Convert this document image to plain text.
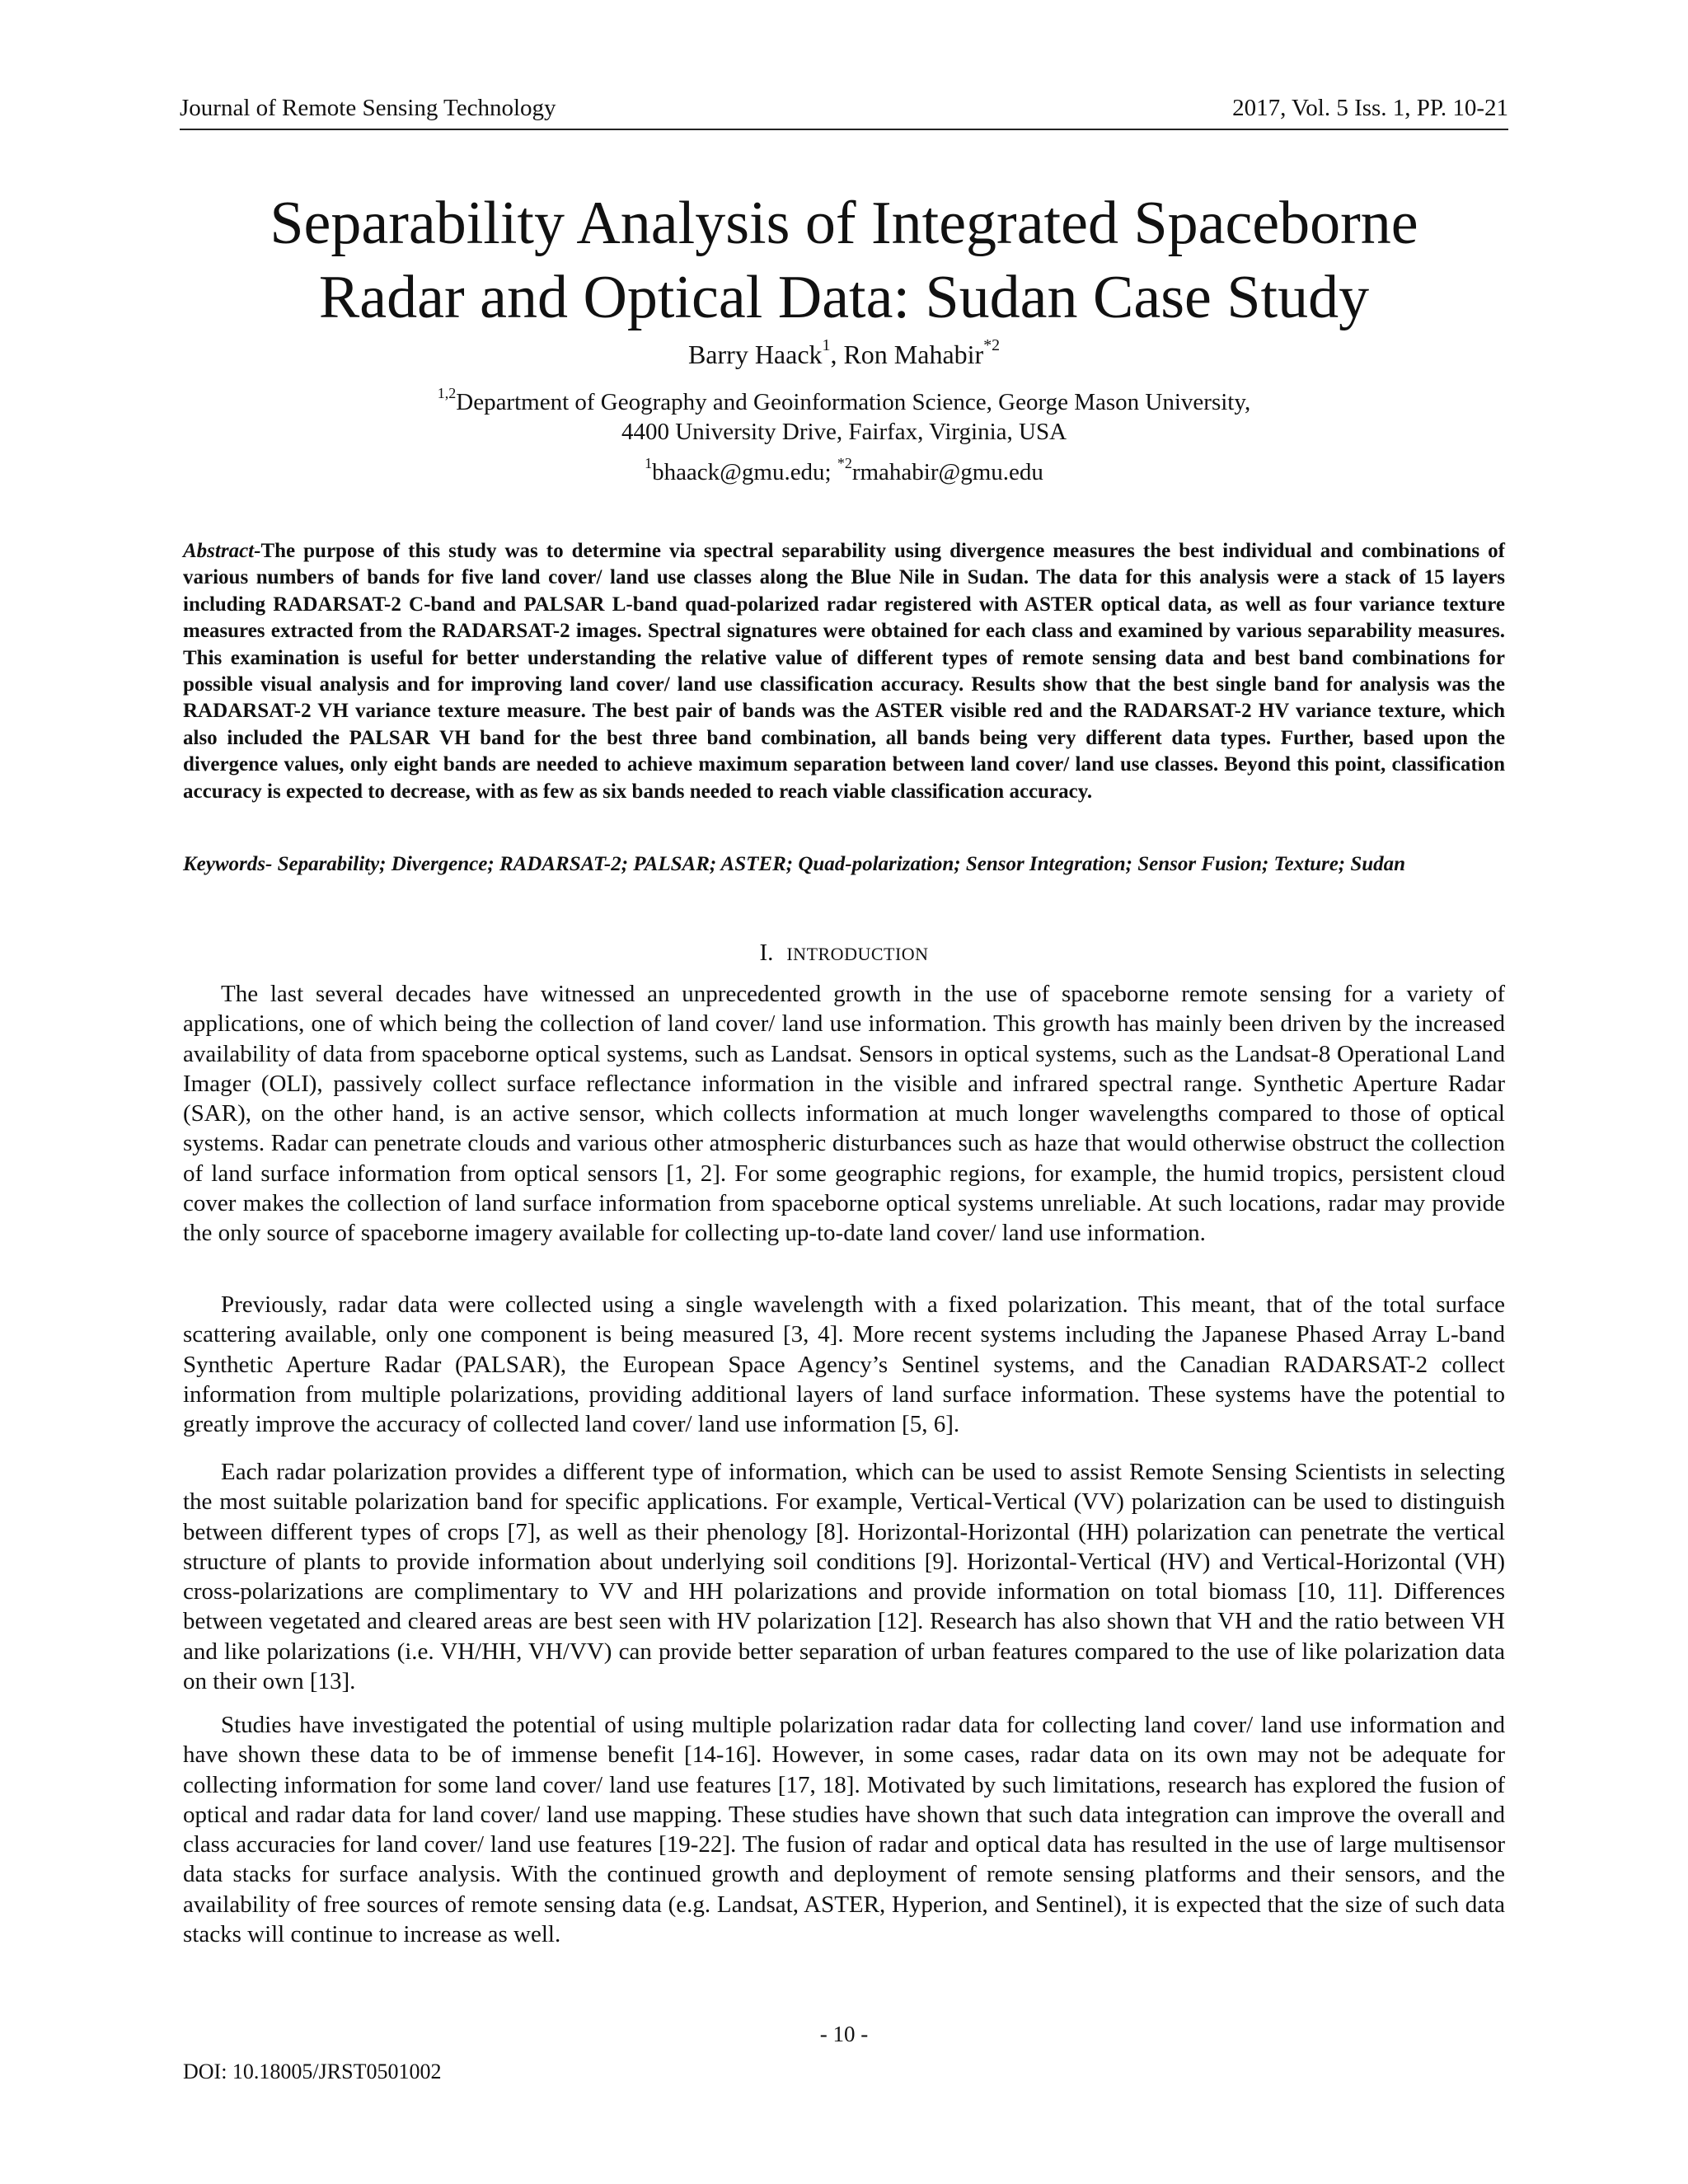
Journal of Remote Sensing Technology	2017, Vol. 5 Iss. 1, PP. 10-21
Separability Analysis of Integrated Spaceborne
Radar and Optical Data: Sudan Case Study
Barry Haack$^1$, Ron Mahabir$^{*2}$
$^{1,2}$Department of Geography and Geoinformation Science, George Mason University,
4400 University Drive, Fairfax, Virginia, USA
$^1$bhaack@gmu.edu; $^{*2}$rmahabir@gmu.edu

Abstract-The purpose of this study was to determine via spectral separability using divergence measures the best individual and combinations of various numbers of bands for five land cover/ land use classes along the Blue Nile in Sudan. The data for this analysis were a stack of 15 layers including RADARSAT-2 C-band and PALSAR L-band quad-polarized radar registered with ASTER optical data, as well as four variance texture measures extracted from the RADARSAT-2 images. Spectral signatures were obtained for each class and examined by various separability measures. This examination is useful for better understanding the relative value of different types of remote sensing data and best band combinations for possible visual analysis and for improving land cover/ land use classification accuracy. Results show that the best single band for analysis was the RADARSAT-2 VH variance texture measure. The best pair of bands was the ASTER visible red and the RADARSAT-2 HV variance texture, which also included the PALSAR VH band for the best three band combination, all bands being very different data types. Further, based upon the divergence values, only eight bands are needed to achieve maximum separation between land cover/ land use classes. Beyond this point, classification accuracy is expected to decrease, with as few as six bands needed to reach viable classification accuracy.

Keywords- Separability; Divergence; RADARSAT-2; PALSAR; ASTER; Quad-polarization; Sensor Integration; Sensor Fusion; Texture; Sudan

I. INTRODUCTION

The last several decades have witnessed an unprecedented growth in the use of spaceborne remote sensing for a variety of applications, one of which being the collection of land cover/ land use information. This growth has mainly been driven by the increased availability of data from spaceborne optical systems, such as Landsat. Sensors in optical systems, such as the Landsat-8 Operational Land Imager (OLI), passively collect surface reflectance information in the visible and infrared spectral range. Synthetic Aperture Radar (SAR), on the other hand, is an active sensor, which collects information at much longer wavelengths compared to those of optical systems. Radar can penetrate clouds and various other atmospheric disturbances such as haze that would otherwise obstruct the collection of land surface information from optical sensors [1, 2]. For some geographic regions, for example, the humid tropics, persistent cloud cover makes the collection of land surface information from spaceborne optical systems unreliable. At such locations, radar may provide the only source of spaceborne imagery available for collecting up-to-date land cover/ land use information.

Previously, radar data were collected using a single wavelength with a fixed polarization. This meant, that of the total surface scattering available, only one component is being measured [3, 4]. More recent systems including the Japanese Phased Array L-band Synthetic Aperture Radar (PALSAR), the European Space Agency’s Sentinel systems, and the Canadian RADARSAT-2 collect information from multiple polarizations, providing additional layers of land surface information. These systems have the potential to greatly improve the accuracy of collected land cover/ land use information [5, 6].

Each radar polarization provides a different type of information, which can be used to assist Remote Sensing Scientists in selecting the most suitable polarization band for specific applications. For example, Vertical-Vertical (VV) polarization can be used to distinguish between different types of crops [7], as well as their phenology [8]. Horizontal-Horizontal (HH) polarization can penetrate the vertical structure of plants to provide information about underlying soil conditions [9]. Horizontal-Vertical (HV) and Vertical-Horizontal (VH) cross-polarizations are complimentary to VV and HH polarizations and provide information on total biomass [10, 11]. Differences between vegetated and cleared areas are best seen with HV polarization [12]. Research has also shown that VH and the ratio between VH and like polarizations (i.e. VH/HH, VH/VV) can provide better separation of urban features compared to the use of like polarization data on their own [13].

Studies have investigated the potential of using multiple polarization radar data for collecting land cover/ land use information and have shown these data to be of immense benefit [14-16]. However, in some cases, radar data on its own may not be adequate for collecting information for some land cover/ land use features [17, 18]. Motivated by such limitations, research has explored the fusion of optical and radar data for land cover/ land use mapping. These studies have shown that such data integration can improve the overall and class accuracies for land cover/ land use features [19-22]. The fusion of radar and optical data has resulted in the use of large multisensor data stacks for surface analysis. With the continued growth and deployment of remote sensing platforms and their sensors, and the availability of free sources of remote sensing data (e.g. Landsat, ASTER, Hyperion, and Sentinel), it is expected that the size of such data stacks will continue to increase as well.

- 10 -
DOI: 10.18005/JRST0501002
